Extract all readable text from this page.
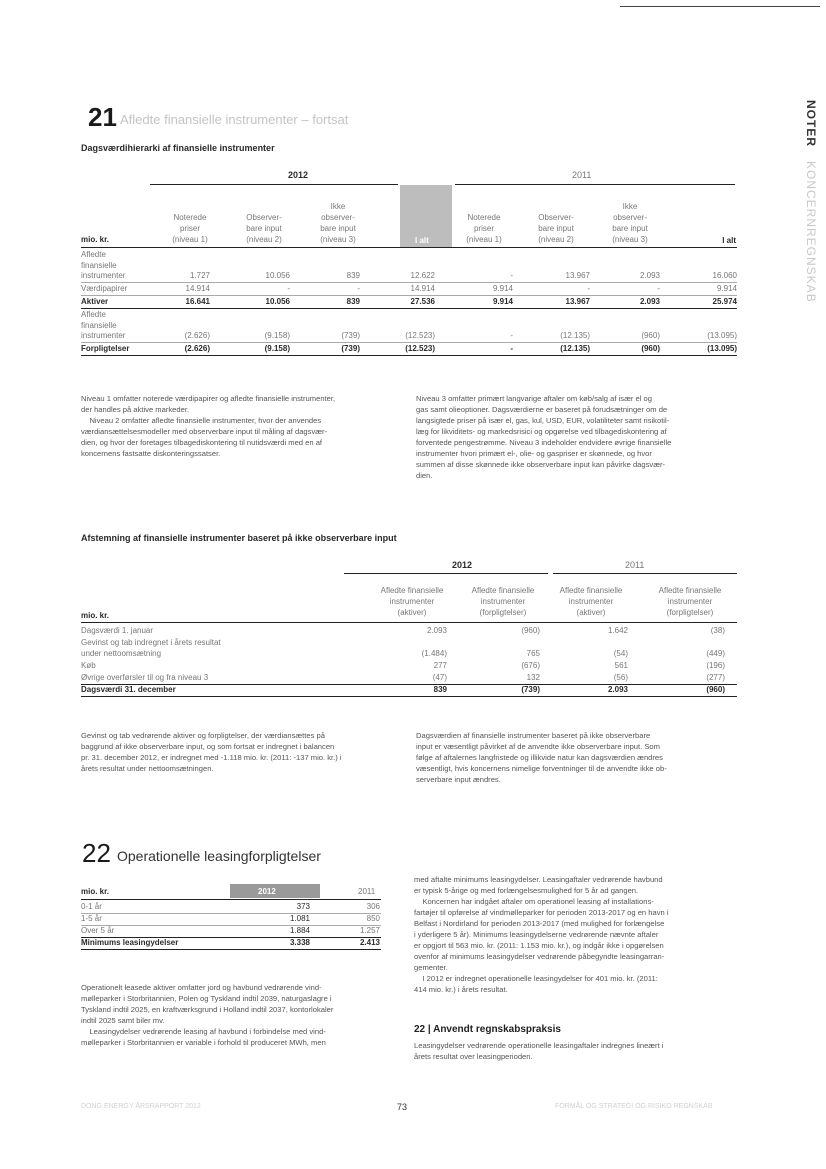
NOTER KONCERNREGNSKAB
21 Afledte finansielle instrumenter – fortsat
Dagsværdihierarki af finansielle instrumenter
2012	2011
I alt
Noterede
priser
(niveau 1)
Observer-
bare input
(niveau 2)
Ikke
observer-
bare input
(niveau 3)
Noterede
priser
(niveau 1)
Observer-
bare input
(niveau 2)
Ikke
observer-
bare input
(niveau 3)	I alt
mio. kr.
Afledte
finansielle
instrumenter	1.727	10.056	839	12.622	-	13.967	2.093	16.060
Værdipapirer	14.914	-	-	14.914	9.914	-	-	9.914
Aktiver	16.641	10.056	839	27.536	9.914	13.967	2.093	25.974
Afledte
finansielle
instrumenter	(2.626)	(9.158)	(739)	(12.523)	-	(12.135)	(960)	(13.095)
Forpligtelser	(2.626)	(9.158)	(739)	(12.523)	-	(12.135)	(960)	(13.095)
Niveau 1 omfatter noterede værdipapirer og afledte finansielle instrumenter,
der handles på aktive markeder.
Niveau 2 omfatter afledte finansielle instrumenter, hvor der anvendes
værdiansættelsesmodeller med observerbare input til måling af dagsvær-
dien, og hvor der foretages tilbagediskontering til nutidsværdi med en af
koncernens fastsatte diskonteringssatser.
Niveau 3 omfatter primært langvarige aftaler om køb/salg af især el og
gas samt olieoptioner. Dagsværdierne er baseret på forudsætninger om de
langsigtede priser på især el, gas, kul, USD, EUR, volatiliteter samt risikotil-
læg for likviditets- og markedsrisici og opgørelse ved tilbagediskontering af
forventede pengestrømme. Niveau 3 indeholder endvidere øvrige finansielle
instrumenter hvori primært el-, olie- og gaspriser er skønnede, og hvor
summen af disse skønnede ikke observerbare input kan påvirke dagsvær-
dien.
Afstemning af finansielle instrumenter baseret på ikke observerbare input
2012	2011
Afledte finansielle
instrumenter
(aktiver)
Afledte finansielle
instrumenter
(forpligtelser)
Afledte finansielle
instrumenter
(aktiver)
Afledte finansielle
instrumenter
(forpligtelser)
mio. kr.
Dagsværdi 1. januar	2.093	(960)	1.642	(38)
Gevinst og tab indregnet i årets resultat
under nettoomsætning	(1.484)	765	(54)	(449)
Køb	277	(676)	561	(196)
Øvrige overførsler til og fra niveau 3	(47)	132	(56)	(277)
Dagsværdi 31. december	839	(739)	2.093	(960)
Gevinst og tab vedrørende aktiver og forpligtelser, der værdiansættes på
baggrund af ikke observerbare input, og som fortsat er indregnet i balancen
pr. 31. december 2012, er indregnet med -1.118 mio. kr. (2011: -137 mio. kr.) i
årets resultat under nettoomsætningen.
Dagsværdien af finansielle instrumenter baseret på ikke observerbare
input er væsentligt påvirket af de anvendte ikke observerbare input. Som
følge af aftalernes langfristede og illikvide natur kan dagsværdien ændres
væsentligt, hvis koncernens nimelige forventninger til de anvendte ikke ob-
serverbare input ændres.
22 Operationelle leasingforpligtelser
mio. kr.	2012	2011
0-1 år	373	306
1-5 år	1.081	850
Over 5 år	1.884	1.257
Minimums leasingydelser	3.338	2.413
Operationelt leasede aktiver omfatter jord og havbund vedrørende vind-
mølleparker i Storbritannien, Polen og Tyskland indtil 2039, naturgaslagre i
Tyskland indtil 2025, en kraftværksgrund i Holland indtil 2037, kontorlokaler
indtil 2025 samt biler mv.
Leasingydelser vedrørende leasing af havbund i forbindelse med vind-
mølleparker i Storbritannien er variable i forhold til produceret MWh, men
med aftalte minimums leasingydelser. Leasingaftaler vedrørende havbund
er typisk 5-årige og med forlængelsesmulighed for 5 år ad gangen.
Koncernen har indgået aftaler om operationel leasing af installations-
fartøjer til opførelse af vindmølleparker for perioden 2013-2017 og en havn i
Belfast i Nordirland for perioden 2013-2017 (med mulighed for forlængelse
i yderligere 5 år). Minimums leasingydelserne vedrørende nævnte aftaler
er opgjort til 563 mio. kr. (2011: 1.153 mio. kr.), og indgår ikke i opgørelsen
ovenfor af minimums leasingydelser vedrørende påbegyndte leasingarran-
gementer.
I 2012 er indregnet operationelle leasingydelser for 401 mio. kr. (2011:
414 mio. kr.) i årets resultat.
22 | Anvendt regnskabspraksis
Leasingydelser vedrørende operationelle leasingaftaler indregnes lineært i
årets resultat over leasingperioden.
DONG ENERGY ÅRSRAPPORT 2012	73	FORMÅL OG STRATEGI OG RISIKO REGNSKAB
